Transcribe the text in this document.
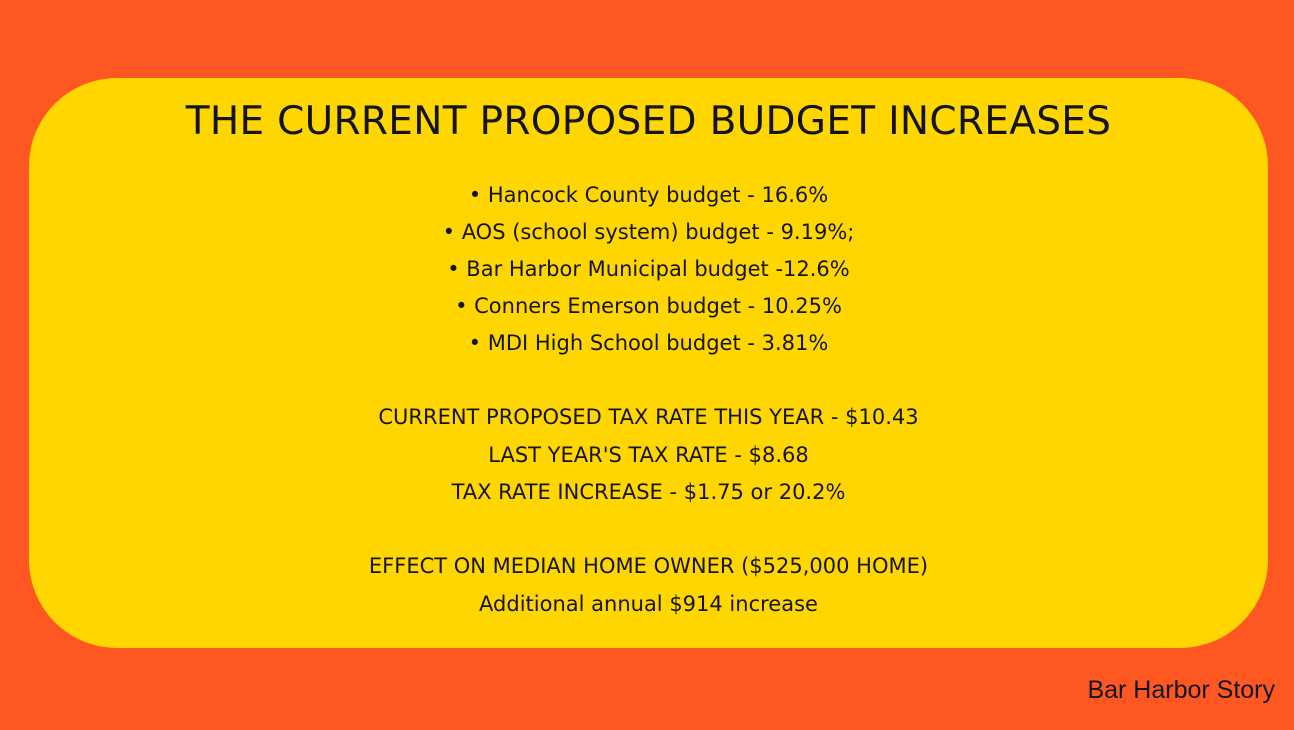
THE CURRENT PROPOSED BUDGET INCREASES
• Hancock County budget - 16.6%
• AOS (school system) budget - 9.19%;
• Bar Harbor Municipal budget -12.6%
• Conners Emerson budget - 10.25%
• MDI High School budget - 3.81%
CURRENT PROPOSED TAX RATE THIS YEAR - $10.43
LAST YEAR'S TAX RATE - $8.68
TAX RATE INCREASE - $1.75 or 20.2%
EFFECT ON MEDIAN HOME OWNER ($525,000 HOME)
Additional annual $914 increase
Bar Harbor Story
